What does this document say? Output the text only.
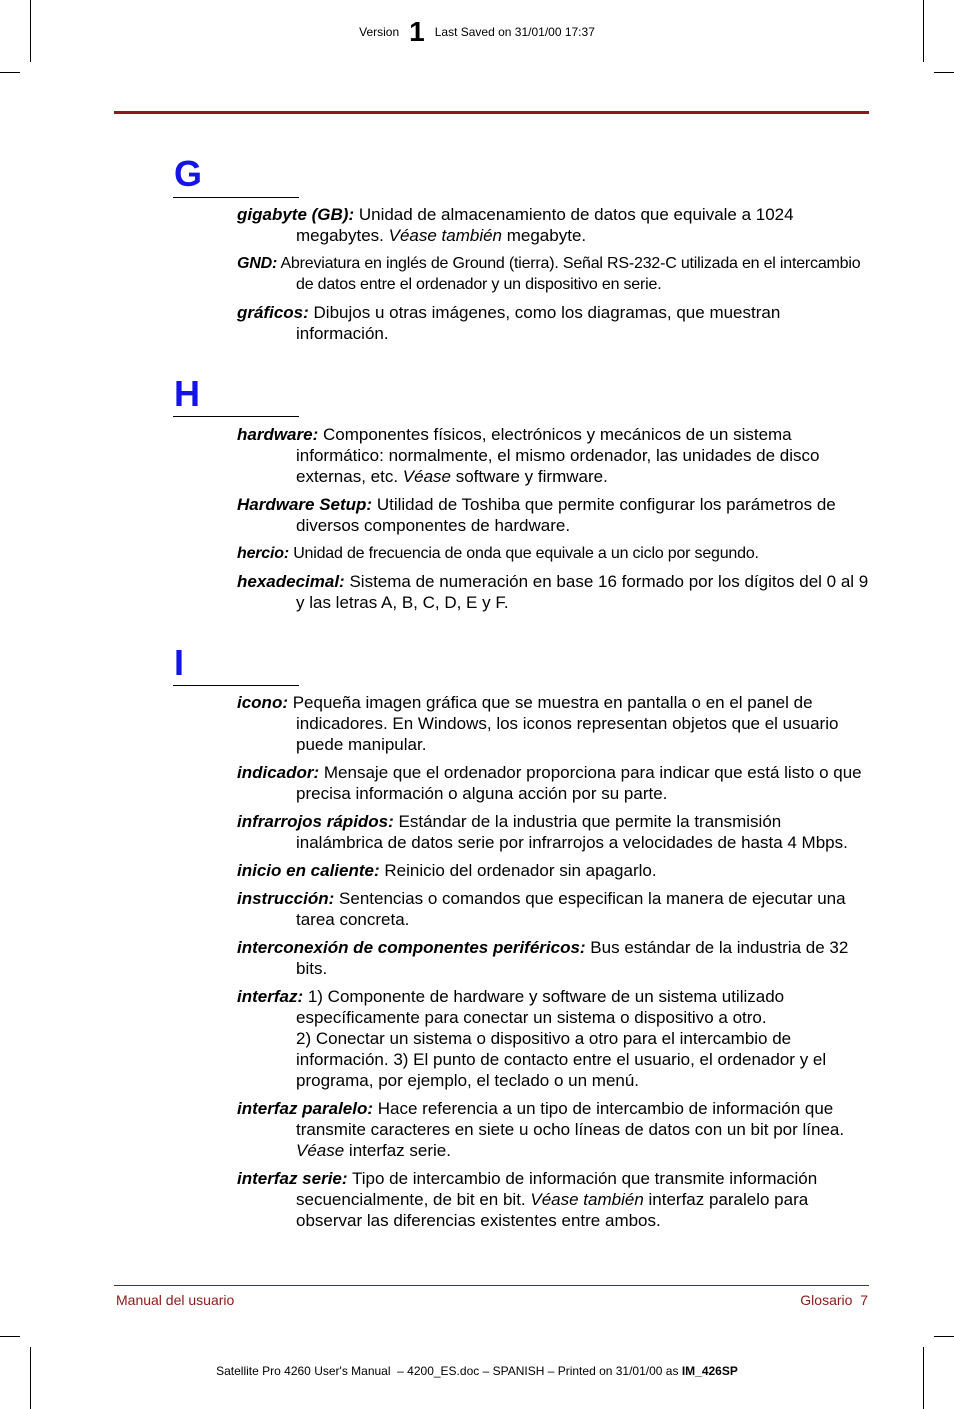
Version 1 Last Saved on 31/01/00 17:37
G

gigabyte (GB): Unidad de almacenamiento de datos que equivale a 1024 megabytes. Véase también megabyte.

GND: Abreviatura en inglés de Ground (tierra). Señal RS-232-C utilizada en el intercambio de datos entre el ordenador y un dispositivo en serie.

gráficos: Dibujos u otras imágenes, como los diagramas, que muestran información.

H

hardware: Componentes físicos, electrónicos y mecánicos de un sistema informático: normalmente, el mismo ordenador, las unidades de disco externas, etc. Véase software y firmware.

Hardware Setup: Utilidad de Toshiba que permite configurar los parámetros de diversos componentes de hardware.

hercio: Unidad de frecuencia de onda que equivale a un ciclo por segundo.

hexadecimal: Sistema de numeración en base 16 formado por los dígitos del 0 al 9 y las letras A, B, C, D, E y F.

I

icono: Pequeña imagen gráfica que se muestra en pantalla o en el panel de indicadores. En Windows, los iconos representan objetos que el usuario puede manipular.

indicador: Mensaje que el ordenador proporciona para indicar que está listo o que precisa información o alguna acción por su parte.

infrarrojos rápidos: Estándar de la industria que permite la transmisión inalámbrica de datos serie por infrarrojos a velocidades de hasta 4 Mbps.

inicio en caliente: Reinicio del ordenador sin apagarlo.

instrucción: Sentencias o comandos que especifican la manera de ejecutar una tarea concreta.

interconexión de componentes periféricos: Bus estándar de la industria de 32 bits.

interfaz: 1) Componente de hardware y software de un sistema utilizado específicamente para conectar un sistema o dispositivo a otro.
2) Conectar un sistema o dispositivo a otro para el intercambio de información. 3) El punto de contacto entre el usuario, el ordenador y el programa, por ejemplo, el teclado o un menú.

interfaz paralelo: Hace referencia a un tipo de intercambio de información que transmite caracteres en siete u ocho líneas de datos con un bit por línea. Véase interfaz serie.

interfaz serie: Tipo de intercambio de información que transmite información secuencialmente, de bit en bit. Véase también interfaz paralelo para observar las diferencias existentes entre ambos.

Manual del usuario	Glosario  7
Satellite Pro 4260 User's Manual  – 4200_ES.doc – SPANISH – Printed on 31/01/00 as IM_426SP
